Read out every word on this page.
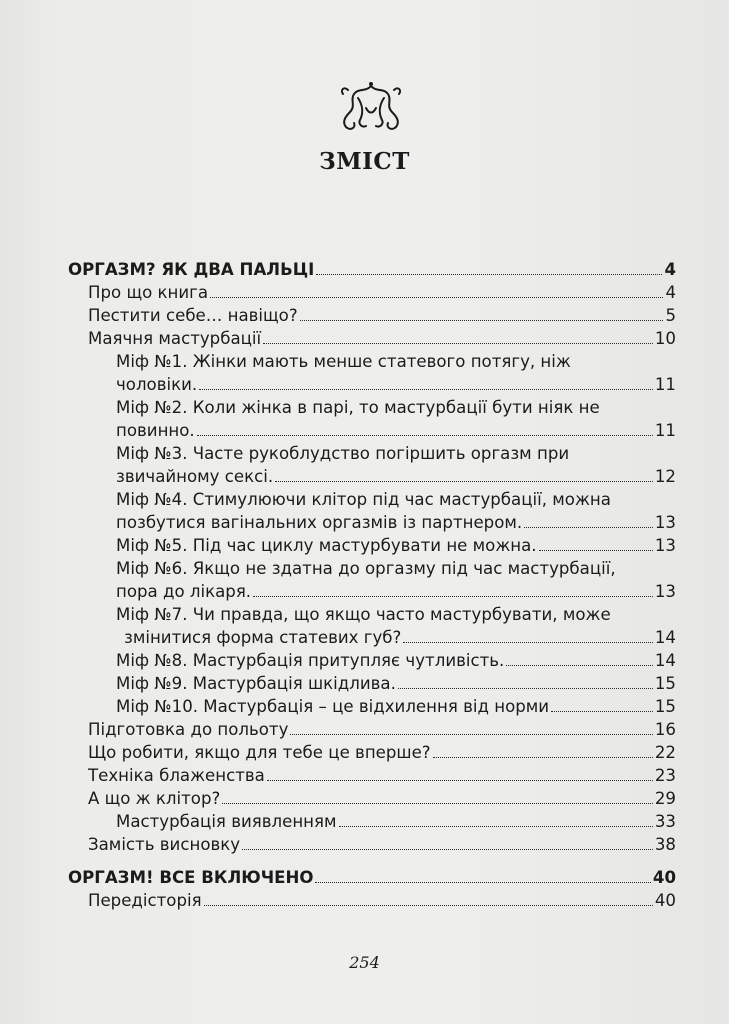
ЗМІСТ
ОРГАЗМ? ЯК ДВА ПАЛЬЦІ	4
Про що книга	4
Пестити себе… навіщо?	5
Маячня мастурбації	10
Міф №1. Жінки мають менше статевого потягу, ніж
чоловіки.	11
Міф №2. Коли жінка в парі, то мастурбації бути ніяк не
повинно.	11
Міф №3. Часте рукоблудство погіршить оргазм при
звичайному сексі.	12
Міф №4. Стимулюючи клітор під час мастурбації, можна
позбутися вагінальних оргазмів із партнером.	13
Міф №5. Під час циклу мастурбувати не можна.	13
Міф №6. Якщо не здатна до оргазму під час мастурбації,
пора до лікаря.	13
Міф №7. Чи правда, що якщо часто мастурбувати, може
змінитися форма статевих губ?	14
Міф №8. Мастурбація притупляє чутливість.	14
Міф №9. Мастурбація шкідлива.	15
Міф №10. Мастурбація – це відхилення від норми	15
Підготовка до польоту	16
Що робити, якщо для тебе це вперше?	22
Техніка блаженства	23
А що ж клітор?	29
Мастурбація виявленням	33
Замість висновку	38
ОРГАЗМ! ВСЕ ВКЛЮЧЕНО	40
Передісторія	40
254
